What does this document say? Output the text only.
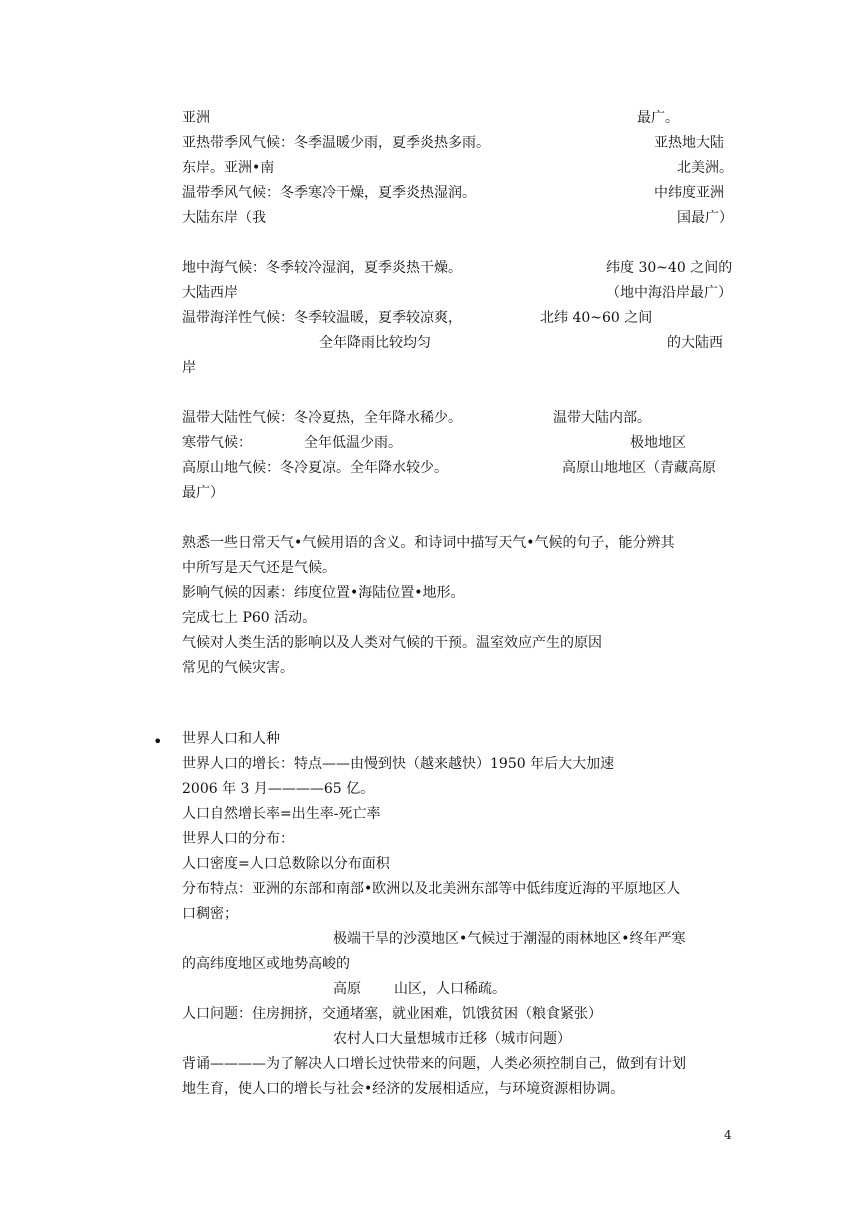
亚洲	最广。
亚热带季风气候：冬季温暖少雨，夏季炎热多雨。	亚热地大陆
东岸。亚洲•南	北美洲。
温带季风气候：冬季寒冷干燥，夏季炎热湿润。	中纬度亚洲
大陆东岸（我	国最广）
地中海气候：冬季较冷湿润，夏季炎热干燥。	纬度 30~40 之间的
大陆西岸	（地中海沿岸最广）
温带海洋性气候：冬季较温暖，夏季较凉爽，	北纬 40~60 之间
全年降雨比较均匀	的大陆西
岸
温带大陆性气候：冬冷夏热，全年降水稀少。	温带大陆内部。
寒带气候：	全年低温少雨。	极地地区
高原山地气候：冬冷夏凉。全年降水较少。	高原山地地区（青藏高原
最广）
熟悉一些日常天气•气候用语的含义。和诗词中描写天气•气候的句子，能分辨其
中所写是天气还是气候。
影响气候的因素：纬度位置•海陆位置•地形。
完成七上 P60 活动。
气候对人类生活的影响以及人类对气候的干预。温室效应产生的原因
常见的气候灾害。
• 世界人口和人种
世界人口的增长：特点——由慢到快（越来越快）1950 年后大大加速
2006 年 3 月————65 亿。
人口自然增长率=出生率-死亡率
世界人口的分布：
人口密度=人口总数除以分布面积
分布特点：亚洲的东部和南部•欧洲以及北美洲东部等中低纬度近海的平原地区人
口稠密；
极端干旱的沙漠地区•气候过于潮湿的雨林地区•终年严寒
的高纬度地区或地势高峻的
高原 山区，人口稀疏。
人口问题：住房拥挤，交通堵塞，就业困难，饥饿贫困（粮食紧张）
农村人口大量想城市迁移（城市问题）
背诵————为了解决人口增长过快带来的问题，人类必须控制自己，做到有计划
地生育，使人口的增长与社会•经济的发展相适应，与环境资源相协调。
4
